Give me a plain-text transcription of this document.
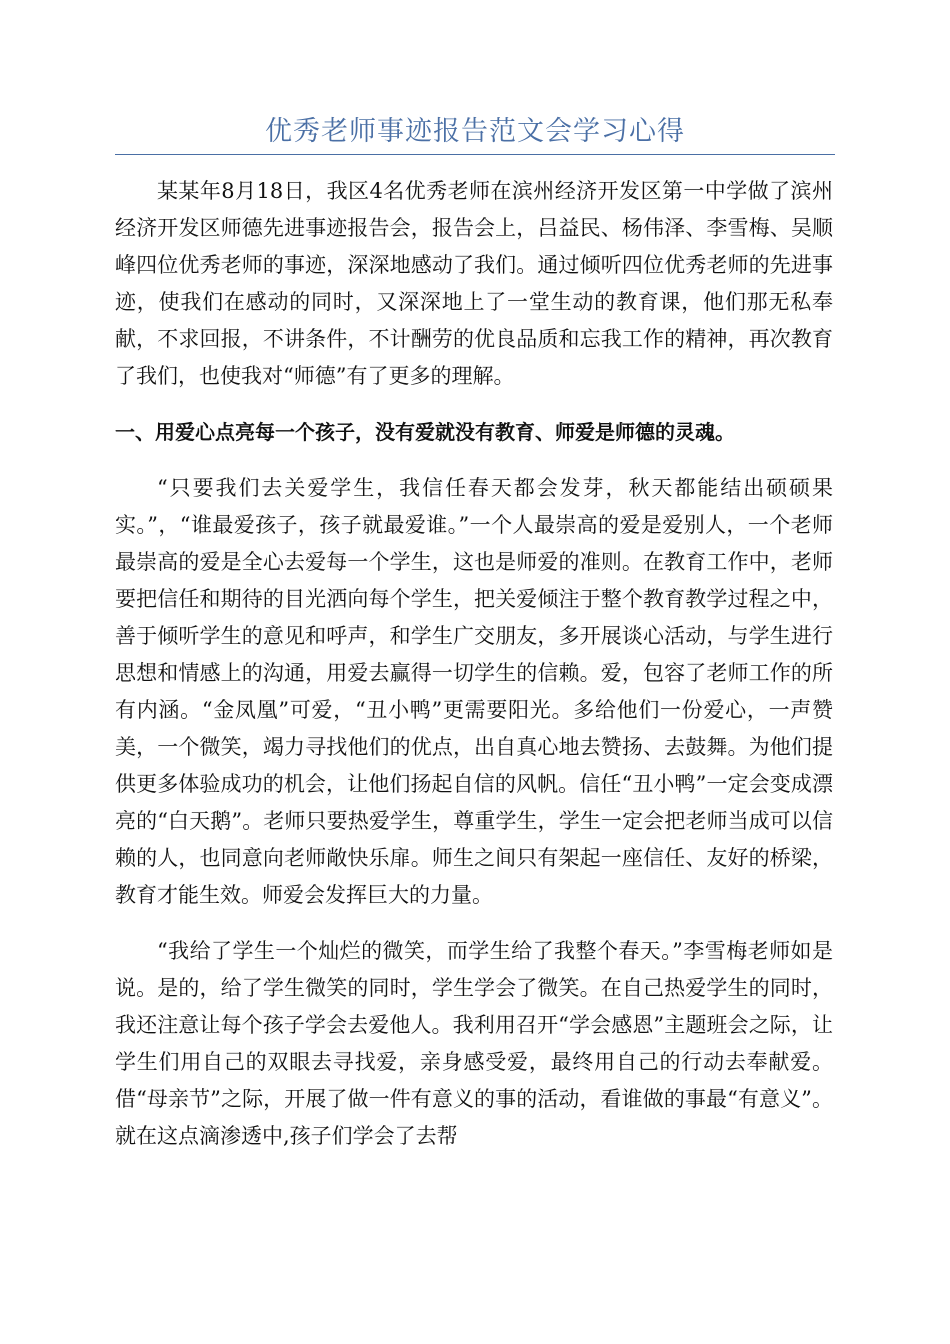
优秀老师事迹报告范文会学习心得

某某年8月18日，我区4名优秀老师在滨州经济开发区第一中学做了滨州经济开发区师德先进事迹报告会，报告会上，吕益民、杨伟泽、李雪梅、吴顺峰四位优秀老师的事迹，深深地感动了我们。通过倾听四位优秀老师的先进事迹，使我们在感动的同时，又深深地上了一堂生动的教育课，他们那无私奉献，不求回报，不讲条件，不计酬劳的优良品质和忘我工作的精神，再次教育了我们，也使我对“师德”有了更多的理解。

一、用爱心点亮每一个孩子，没有爱就没有教育、师爱是师德的灵魂。

“只要我们去关爱学生，我信任春天都会发芽，秋天都能结出硕硕果实。”，“谁最爱孩子，孩子就最爱谁。”一个人最崇高的爱是爱别人，一个老师最崇高的爱是全心去爱每一个学生，这也是师爱的准则。在教育工作中，老师要把信任和期待的目光洒向每个学生，把关爱倾注于整个教育教学过程之中，善于倾听学生的意见和呼声，和学生广交朋友，多开展谈心活动，与学生进行思想和情感上的沟通，用爱去赢得一切学生的信赖。爱，包容了老师工作的所有内涵。“金凤凰”可爱，“丑小鸭”更需要阳光。多给他们一份爱心，一声赞美，一个微笑，竭力寻找他们的优点，出自真心地去赞扬、去鼓舞。为他们提供更多体验成功的机会，让他们扬起自信的风帆。信任“丑小鸭”一定会变成漂亮的“白天鹅”。老师只要热爱学生，尊重学生，学生一定会把老师当成可以信赖的人，也同意向老师敞快乐扉。师生之间只有架起一座信任、友好的桥梁，教育才能生效。师爱会发挥巨大的力量。

“我给了学生一个灿烂的微笑，而学生给了我整个春天。”李雪梅老师如是说。是的，给了学生微笑的同时，学生学会了微笑。在自己热爱学生的同时，我还注意让每个孩子学会去爱他人。我利用召开“学会感恩”主题班会之际，让学生们用自己的双眼去寻找爱，亲身感受爱，最终用自己的行动去奉献爱。借“母亲节”之际，开展了做一件有意义的事的活动，看谁做的事最“有意义”。就在这点滴渗透中,孩子们学会了去帮
